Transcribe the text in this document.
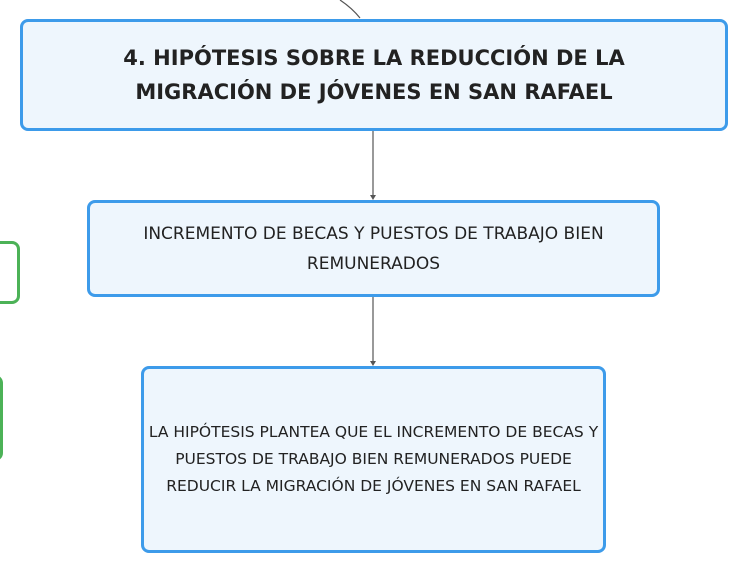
4. HIPÓTESIS SOBRE LA REDUCCIÓN DE LA MIGRACIÓN DE JÓVENES EN SAN RAFAEL
INCREMENTO DE BECAS Y PUESTOS DE TRABAJO BIEN REMUNERADOS
LA HIPÓTESIS PLANTEA QUE EL INCREMENTO DE BECAS Y PUESTOS DE TRABAJO BIEN REMUNERADOS PUEDE REDUCIR LA MIGRACIÓN DE JÓVENES EN SAN RAFAEL
